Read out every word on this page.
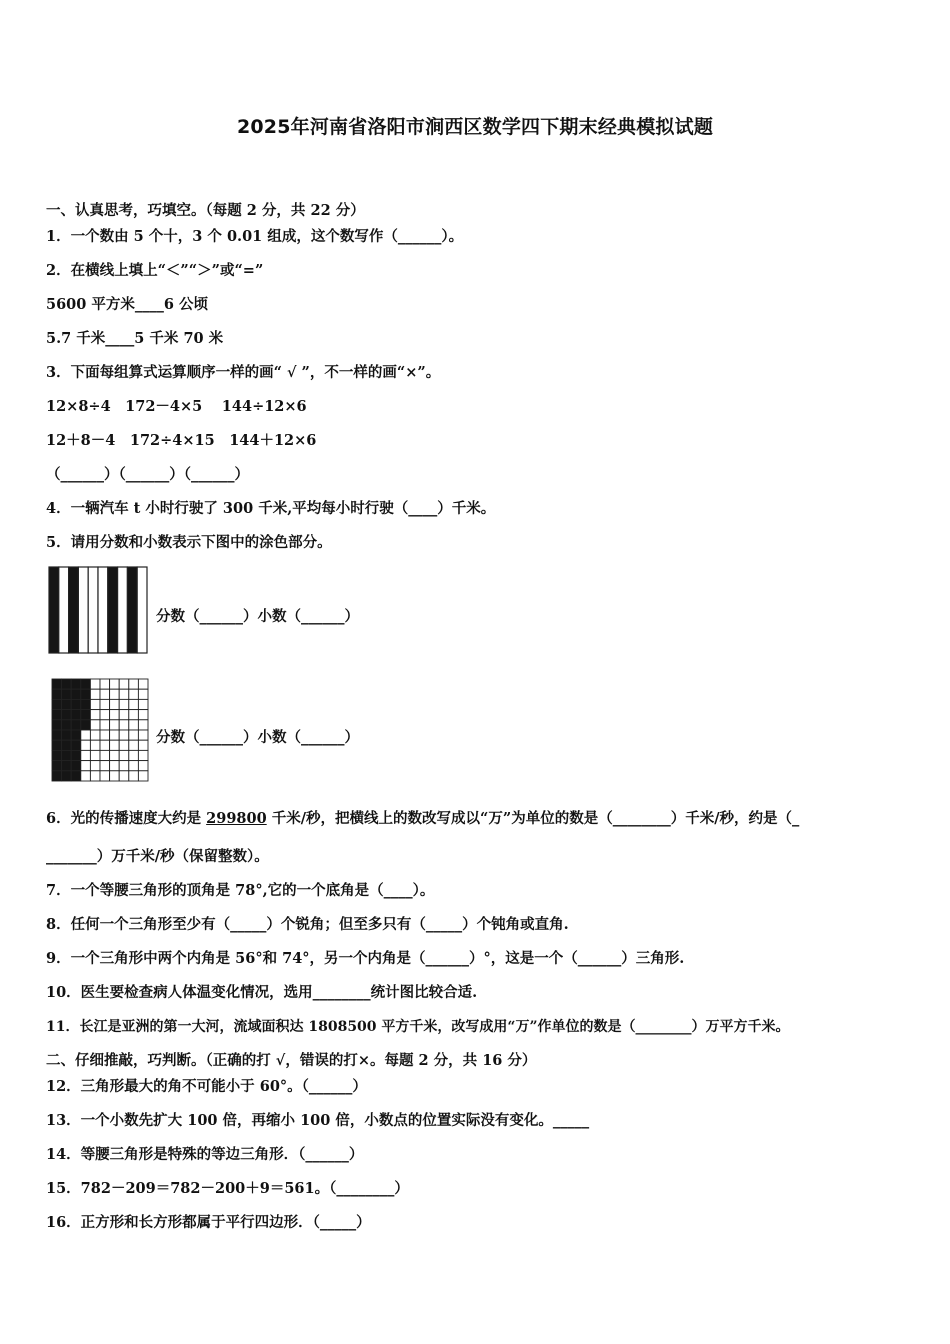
2025年河南省洛阳市涧西区数学四下期末经典模拟试题
一、认真思考，巧填空。（每题 2 分，共 22 分）
1．一个数由 5 个十，3 个 0.01 组成，这个数写作（______）。
2．在横线上填上“＜”“＞”或“=”
5600 平方米____6 公顷
5.7 千米____5 千米 70 米
3．下面每组算式运算顺序一样的画“ √ ”，不一样的画“×”。
12×8÷4　172－4×5　 144÷12×6
12＋8－4　172÷4×15　144＋12×6
（______）（______）（______）
4．一辆汽车 t 小时行驶了 300 千米,平均每小时行驶（____）千米。
5．请用分数和小数表示下图中的涂色部分。
分数（______）小数（______）
分数（______）小数（______）
6．光的传播速度大约是 299800 千米/秒，把横线上的数改写成以“万”为单位的数是（________）千米/秒，约是（_
_______）万千米/秒（保留整数）。
7．一个等腰三角形的顶角是 78°,它的一个底角是（____）。
8．任何一个三角形至少有（_____）个锐角；但至多只有（_____）个钝角或直角.
9．一个三角形中两个内角是 56°和 74°，另一个内角是（______）°，这是一个（______）三角形.
10．医生要检查病人体温变化情况，选用________统计图比较合适.
11．长江是亚洲的第一大河，流域面积达 1808500 平方千米，改写成用“万”作单位的数是（________）万平方千米。
二、仔细推敲，巧判断。（正确的打 √，错误的打×。每题 2 分，共 16 分）
12．三角形最大的角不可能小于 60°。（______）
13．一个小数先扩大 100 倍，再缩小 100 倍，小数点的位置实际没有变化。_____
14．等腰三角形是特殊的等边三角形．（______）
15．782－209＝782－200＋9＝561。（________）
16．正方形和长方形都属于平行四边形．（_____）
